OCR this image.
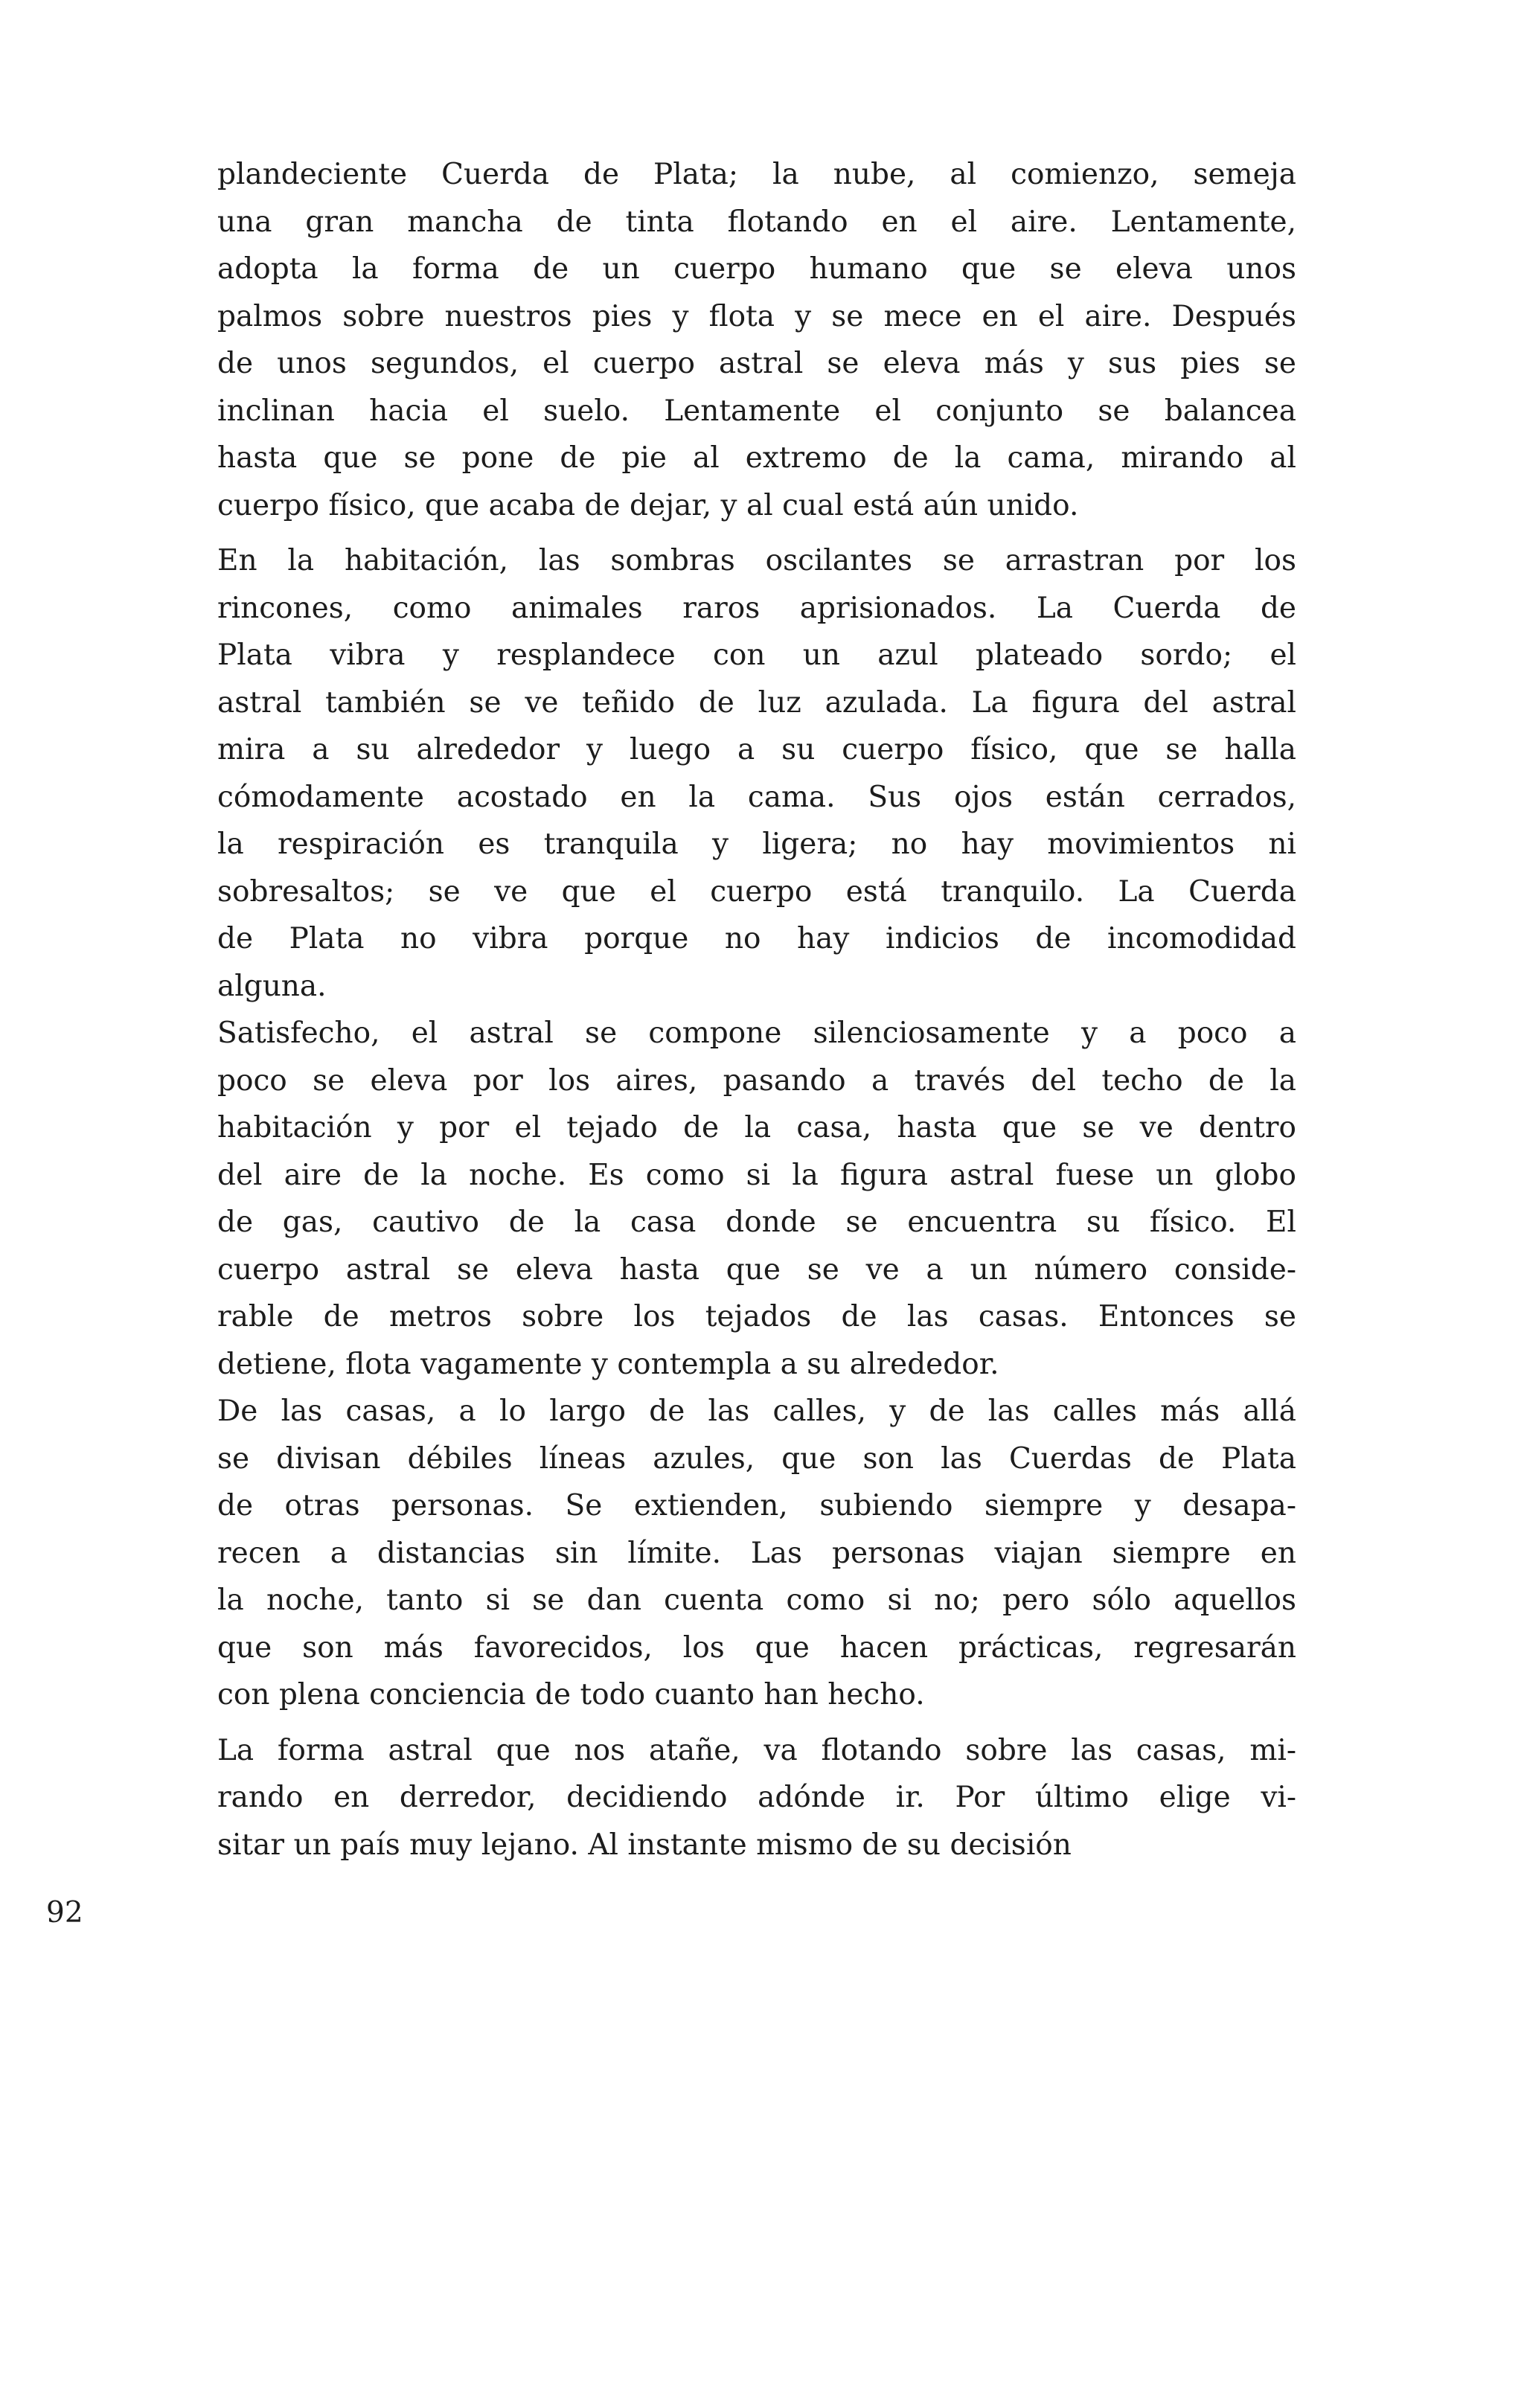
plandeciente Cuerda de Plata; la nube, al comienzo, semeja
una gran mancha de tinta flotando en el aire. Lentamente,
adopta la forma de un cuerpo humano que se eleva unos
palmos sobre nuestros pies y flota y se mece en el aire. Después
de unos segundos, el cuerpo astral se eleva más y sus pies se
inclinan hacia el suelo. Lentamente el conjunto se balancea
hasta que se pone de pie al extremo de la cama, mirando al
cuerpo físico, que acaba de dejar, y al cual está aún unido.
En la habitación, las sombras oscilantes se arrastran por los
rincones, como animales raros aprisionados. La Cuerda de
Plata vibra y resplandece con un azul plateado sordo; el
astral también se ve teñido de luz azulada. La figura del astral
mira a su alrededor y luego a su cuerpo físico, que se halla
cómodamente acostado en la cama. Sus ojos están cerrados,
la respiración es tranquila y ligera; no hay movimientos ni
sobresaltos; se ve que el cuerpo está tranquilo. La Cuerda
de Plata no vibra porque no hay indicios de incomodidad
alguna.
Satisfecho, el astral se compone silenciosamente y a poco a
poco se eleva por los aires, pasando a través del techo de la
habitación y por el tejado de la casa, hasta que se ve dentro
del aire de la noche. Es como si la figura astral fuese un globo
de gas, cautivo de la casa donde se encuentra su físico. El
cuerpo astral se eleva hasta que se ve a un número conside-
rable de metros sobre los tejados de las casas. Entonces se
detiene, flota vagamente y contempla a su alrededor.
De las casas, a lo largo de las calles, y de las calles más allá
se divisan débiles líneas azules, que son las Cuerdas de Plata
de otras personas. Se extienden, subiendo siempre y desapa-
recen a distancias sin límite. Las personas viajan siempre en
la noche, tanto si se dan cuenta como si no; pero sólo aquellos
que son más favorecidos, los que hacen prácticas, regresarán
con plena conciencia de todo cuanto han hecho.
La forma astral que nos atañe, va flotando sobre las casas, mi-
rando en derredor, decidiendo adónde ir. Por último elige vi-
sitar un país muy lejano. Al instante mismo de su decisión
92
